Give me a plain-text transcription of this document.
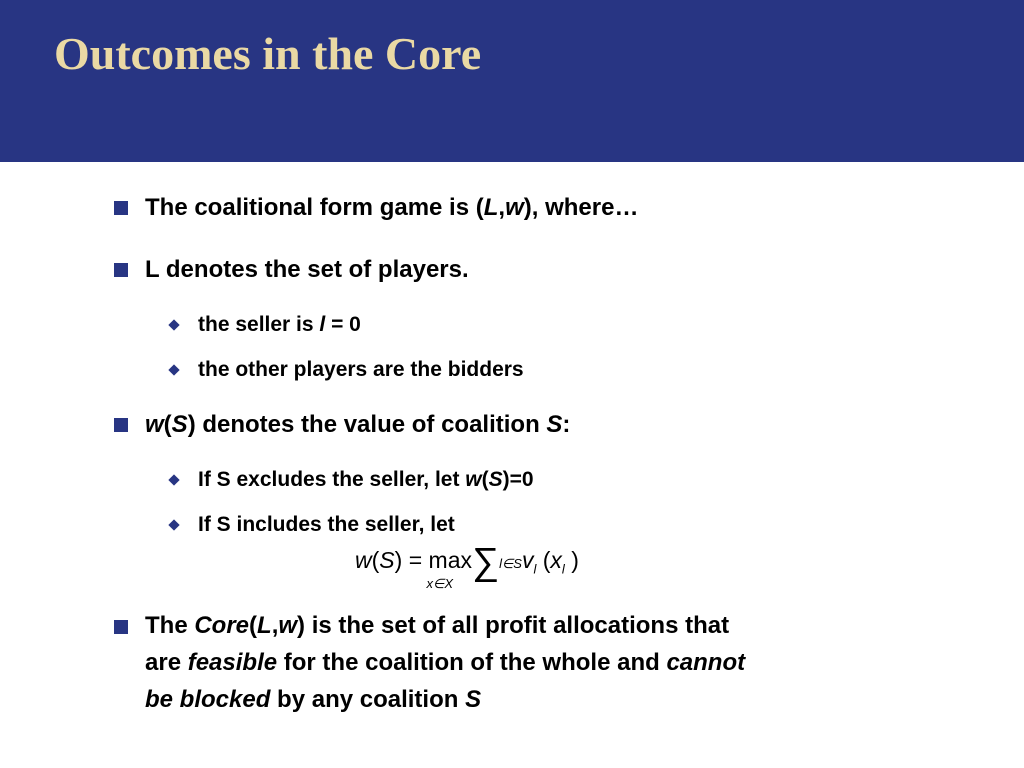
Outcomes in the Core
The coalitional form game is (L,w), where…
L denotes the set of players.
the seller is l = 0
the other players are the bidders
w(S) denotes the value of coalition S:
If S excludes the seller, let w(S)=0
If S includes the seller, let
w(S) = max
x∈X
$\sum l\in Sv_l$ ($x_l$ )
The Core(L,w) is the set of all profit allocations that
are feasible for the coalition of the whole and cannot
be blocked by any coalition S
